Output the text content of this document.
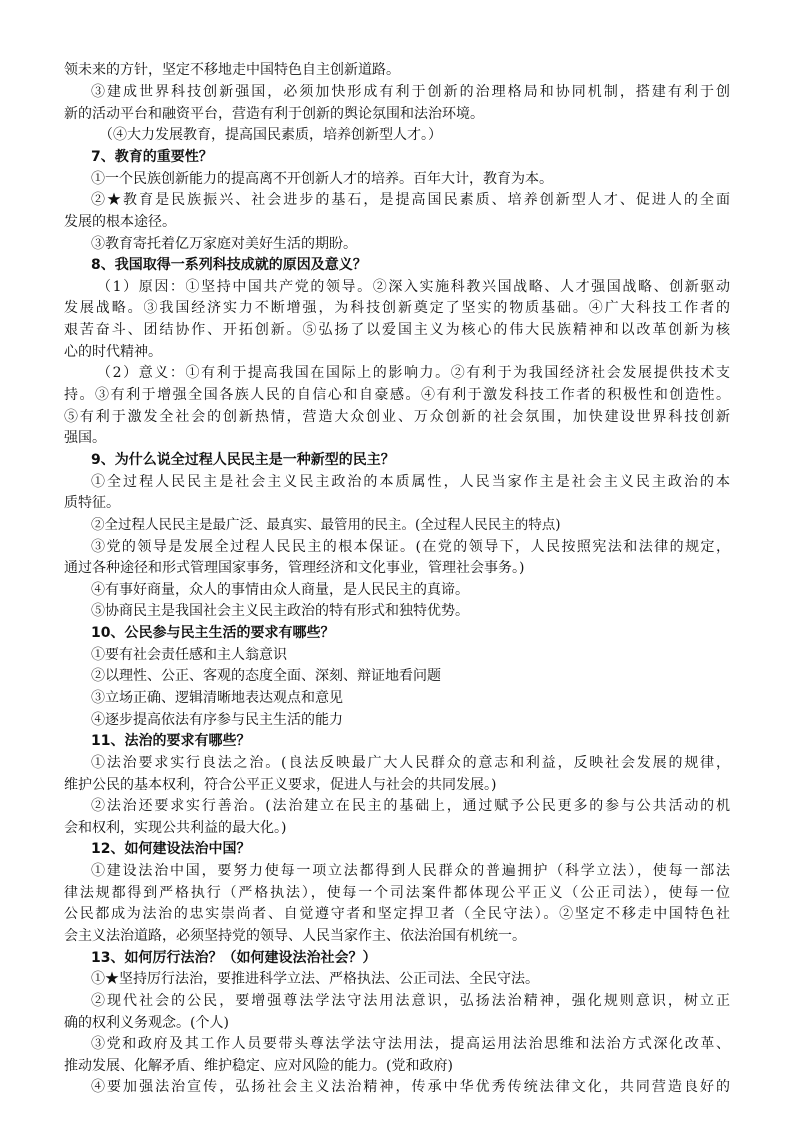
领未来的方针，坚定不移地走中国特色自主创新道路。
③建成世界科技创新强国，必须加快形成有利于创新的治理格局和协同机制，搭建有利于创
新的活动平台和融资平台，营造有利于创新的舆论氛围和法治环境。
（④大力发展教育，提高国民素质，培养创新型人才。）
7、教育的重要性？
①一个民族创新能力的提高离不开创新人才的培养。百年大计，教育为本。
②★教育是民族振兴、社会进步的基石，是提高国民素质、培养创新型人才、促进人的全面
发展的根本途径。
③教育寄托着亿万家庭对美好生活的期盼。
8、我国取得一系列科技成就的原因及意义？
（1）原因：①坚持中国共产党的领导。②深入实施科教兴国战略、人才强国战略、创新驱动
发展战略。③我国经济实力不断增强，为科技创新奠定了坚实的物质基础。④广大科技工作者的
艰苦奋斗、团结协作、开拓创新。⑤弘扬了以爱国主义为核心的伟大民族精神和以改革创新为核
心的时代精神。
（2）意义：①有利于提高我国在国际上的影响力。②有利于为我国经济社会发展提供技术支
持。③有利于增强全国各族人民的自信心和自豪感。④有利于激发科技工作者的积极性和创造性。
⑤有利于激发全社会的创新热情，营造大众创业、万众创新的社会氛围，加快建设世界科技创新
强国。
9、为什么说全过程人民民主是一种新型的民主？
①全过程人民民主是社会主义民主政治的本质属性，人民当家作主是社会主义民主政治的本
质特征。
②全过程人民民主是最广泛、最真实、最管用的民主。(全过程人民民主的特点)
③党的领导是发展全过程人民民主的根本保证。(在党的领导下，人民按照宪法和法律的规定，
通过各种途径和形式管理国家事务，管理经济和文化事业，管理社会事务。)
④有事好商量，众人的事情由众人商量，是人民民主的真谛。
⑤协商民主是我国社会主义民主政治的特有形式和独特优势。
10、公民参与民主生活的要求有哪些？
①要有社会责任感和主人翁意识
②以理性、公正、客观的态度全面、深刻、辩证地看问题
③立场正确、逻辑清晰地表达观点和意见
④逐步提高依法有序参与民主生活的能力
11、法治的要求有哪些？
①法治要求实行良法之治。(良法反映最广大人民群众的意志和利益，反映社会发展的规律，
维护公民的基本权利，符合公平正义要求，促进人与社会的共同发展。)
②法治还要求实行善治。(法治建立在民主的基础上，通过赋予公民更多的参与公共活动的机
会和权利，实现公共利益的最大化。)
12、如何建设法治中国？
①建设法治中国，要努力使每一项立法都得到人民群众的普遍拥护（科学立法），使每一部法
律法规都得到严格执行（严格执法），使每一个司法案件都体现公平正义（公正司法），使每一位
公民都成为法治的忠实崇尚者、自觉遵守者和坚定捍卫者（全民守法）。②坚定不移走中国特色社
会主义法治道路，必须坚持党的领导、人民当家作主、依法治国有机统一。
13、如何厉行法治？（如何建设法治社会？）
①★坚持厉行法治，要推进科学立法、严格执法、公正司法、全民守法。
②现代社会的公民，要增强尊法学法守法用法意识，弘扬法治精神，强化规则意识，树立正
确的权利义务观念。(个人)
③党和政府及其工作人员要带头尊法学法守法用法，提高运用法治思维和法治方式深化改革、
推动发展、化解矛盾、维护稳定、应对风险的能力。(党和政府)
④要加强法治宣传，弘扬社会主义法治精神，传承中华优秀传统法律文化，共同营造良好的
